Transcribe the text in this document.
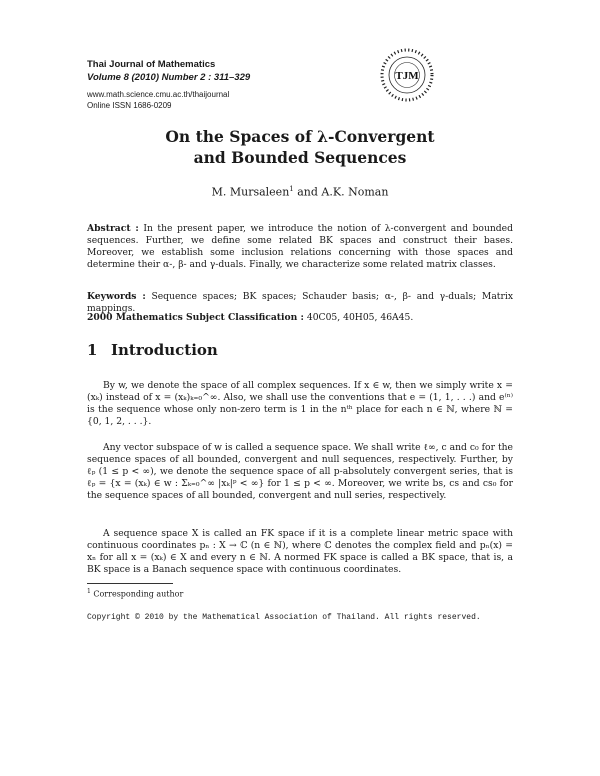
Thai Journal of Mathematics
Volume 8 (2010) Number 2 : 311–329
www.math.science.cmu.ac.th/thaijournal
Online ISSN 1686-0209
TJM
On the Spaces of λ-Convergent
and Bounded Sequences
M. Mursaleen$^1$ and A.K. Noman
Abstract : In the present paper, we introduce the notion of λ-convergent and bounded sequences. Further, we define some related BK spaces and construct their bases. Moreover, we establish some inclusion relations concerning with those spaces and determine their α-, β- and γ-duals. Finally, we characterize some related matrix classes.
Keywords : Sequence spaces; BK spaces; Schauder basis; α-, β- and γ-duals; Matrix mappings.
2000 Mathematics Subject Classification : 40C05, 40H05, 46A45.
1 Introduction
By w, we denote the space of all complex sequences. If x ∈ w, then we simply write x = (xₖ) instead of x = (xₖ)ₖ₌₀^∞. Also, we shall use the conventions that e = (1, 1, . . .) and e⁽ⁿ⁾ is the sequence whose only non-zero term is 1 in the nᵗʰ place for each n ∈ ℕ, where ℕ = {0, 1, 2, . . .}.
Any vector subspace of w is called a sequence space. We shall write ℓ∞, c and c₀ for the sequence spaces of all bounded, convergent and null sequences, respectively. Further, by ℓₚ (1 ≤ p < ∞), we denote the sequence space of all p-absolutely convergent series, that is ℓₚ = {x = (xₖ) ∈ w : Σₖ₌₀^∞ |xₖ|ᵖ < ∞} for 1 ≤ p < ∞. Moreover, we write bs, cs and cs₀ for the sequence spaces of all bounded, convergent and null series, respectively.
A sequence space X is called an FK space if it is a complete linear metric space with continuous coordinates pₙ : X → ℂ (n ∈ ℕ), where ℂ denotes the complex field and pₙ(x) = xₙ for all x = (xₖ) ∈ X and every n ∈ ℕ. A normed FK space is called a BK space, that is, a BK space is a Banach sequence space with continuous coordinates.
$^1$ Corresponding author
Copyright © 2010 by the Mathematical Association of Thailand. All rights reserved.
